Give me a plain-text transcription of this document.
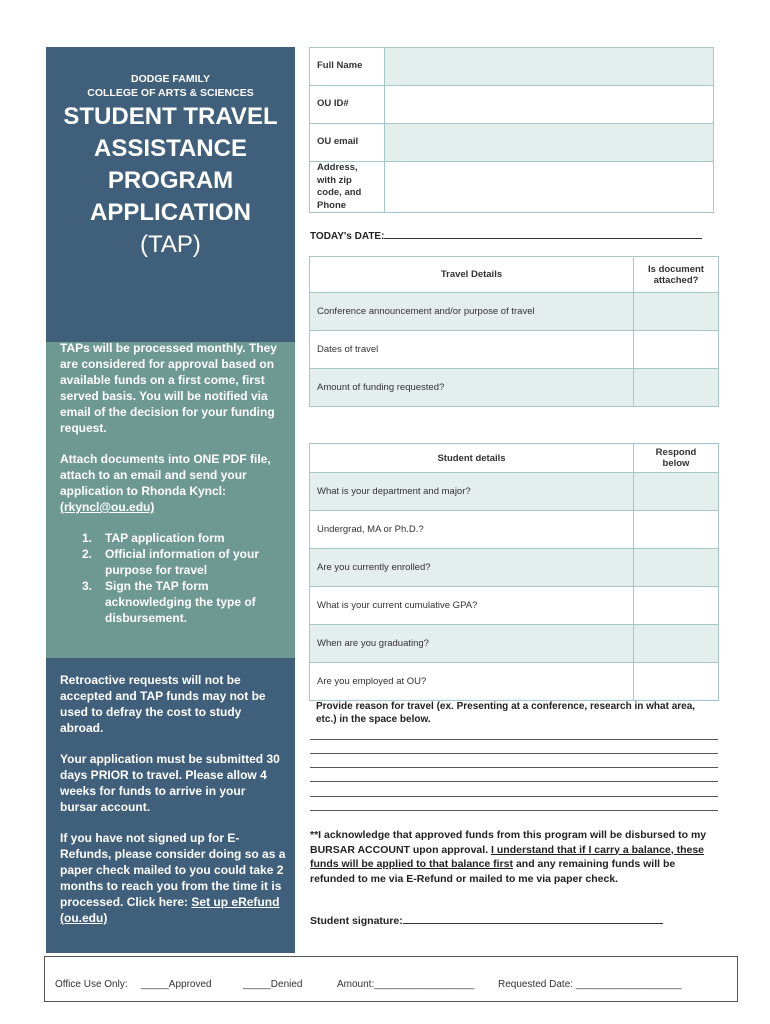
DODGE FAMILY
COLLEGE OF ARTS & SCIENCES
STUDENT TRAVEL
ASSISTANCE
PROGRAM
APPLICATION
(TAP)

TAPs will be processed monthly. They are considered for approval based on available funds on a first come, first served basis. You will be notified via email of the decision for your funding request.

Attach documents into ONE PDF file, attach to an email and send your application to Rhonda Kyncl: (rkyncl@ou.edu)

1. TAP application form
2. Official information of your purpose for travel
3. Sign the TAP form acknowledging the type of disbursement.

Retroactive requests will not be accepted and TAP funds may not be used to defray the cost to study abroad.

Your application must be submitted 30 days PRIOR to travel. Please allow 4 weeks for funds to arrive in your bursar account.

If you have not signed up for E-Refunds, please consider doing so as a paper check mailed to you could take 2 months to reach you from the time it is processed. Click here: Set up eRefund (ou.edu)

Full Name	
OU ID#	
OU email	
Address, with zip code, and Phone	
TODAY's DATE:
Travel Details	Is document attached?
Conference announcement and/or purpose of travel	
Dates of travel	
Amount of funding requested?	
Student details	Respond below
What is your department and major?	
Undergrad, MA or Ph.D.?	
Are you currently enrolled?	
What is your current cumulative GPA?	
When are you graduating?	
Are you employed at OU?	
Provide reason for travel (ex. Presenting at a conference, research in what area, etc.) in the space below.
**I acknowledge that approved funds from this program will be disbursed to my BURSAR ACCOUNT upon approval. I understand that if I carry a balance, these funds will be applied to that balance first and any remaining funds will be refunded to me via E-Refund or mailed to me via paper check.
Student signature:
Office Use Only: _____Approved	_____Denied	Amount:__________________ Requested Date: ___________________
